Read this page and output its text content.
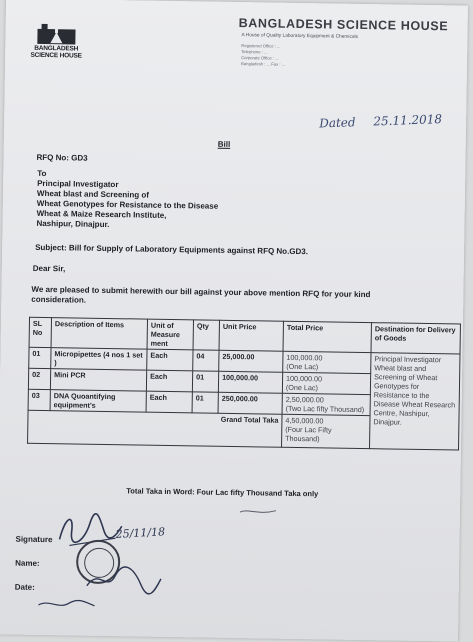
BANGLADESH
SCIENCE HOUSE
BANGLADESH SCIENCE HOUSE
A House of Quality Laboratory Equipment & Chemicals
Registered Office : ...
Telephone : ...
Corporate Office : ...
Bangladesh : ... Fax : ...
Dated 25.11.2018
Bill
RFQ No: GD3
To
Principal Investigator
Wheat blast and Screening of
Wheat Genotypes for Resistance to the Disease
Wheat & Maize Research Institute,
Nashipur, Dinajpur.
Subject: Bill for Supply of Laboratory Equipments against RFQ No.GD3.
Dear Sir,
We are pleased to submit herewith our bill against your above mention RFQ for your kind consideration.
SL No	Description of Items	Unit of Measure ment	Qty	Unit Price	Total Price	Destination for Delivery of Goods
01	Micropipettes (4 nos 1 set )	Each	04	25,000.00	100,000.00
(One Lac)	Principal Investigator Wheat blast and Screening of Wheat Genotypes for Resistance to the Disease Wheat Research Centre, Nashipur, Dinajpur.
02	Mini PCR	Each	01	100,000.00	100,000.00
(One Lac)	

03	DNA Quoantifying equipment's	Each	01	250,000.00	2,50,000.00
(Two Lac fifty Thousand)	

Grand Total Taka					4,50,000.00
(Four Lac Fifty Thousand)	
Total Taka in Word: Four Lac fifty Thousand Taka only
Signature
Name:
Date:
25/11/18
